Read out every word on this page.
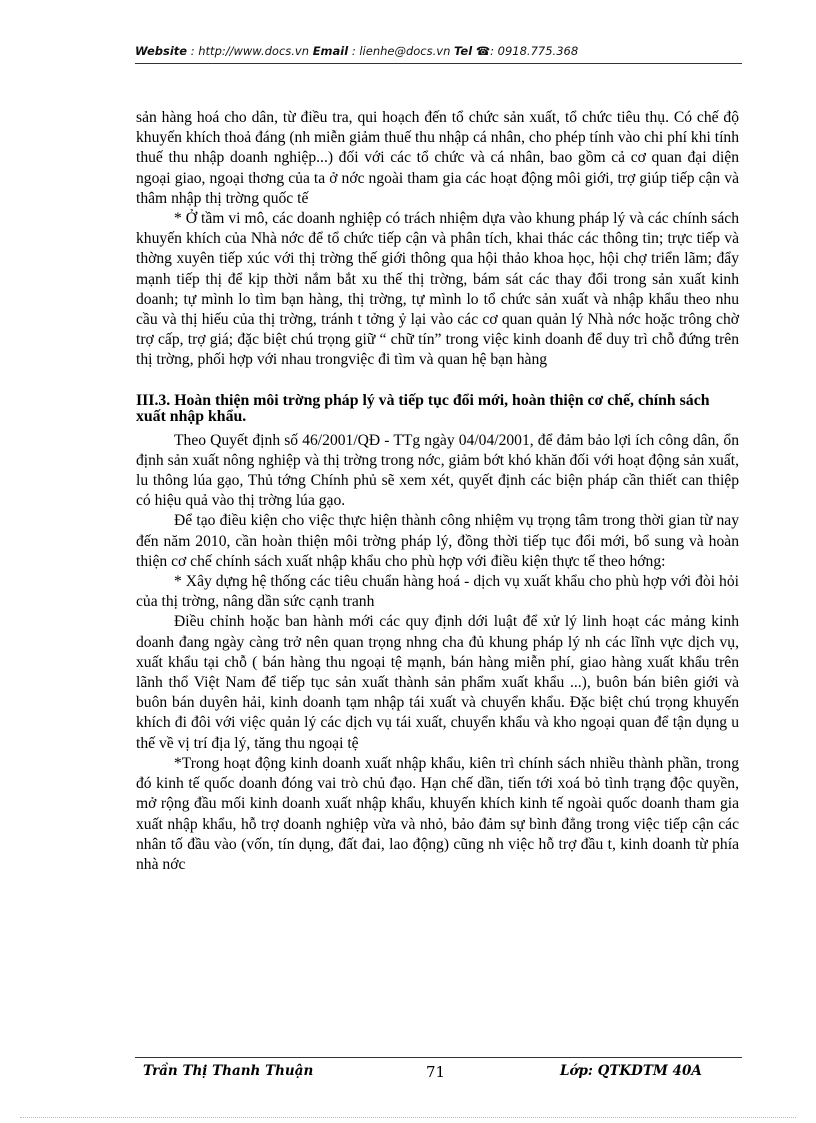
Website : http://www.docs.vn Email : lienhe@docs.vn Tel ☎: 0918.775.368

sản hàng hoá cho dân, từ điều tra, qui hoạch đến tổ chức sản xuất, tổ chức tiêu thụ. Có chế độ khuyến khích thoả đáng (nh miễn giảm thuế thu nhập cá nhân, cho phép tính vào chi phí khi tính thuế thu nhập doanh nghiệp...) đối với các tổ chức và cá nhân, bao gồm cả cơ quan đại diện ngoại giao, ngoại thơng của ta ở nớc ngoài tham gia các hoạt động môi giới, trợ giúp tiếp cận và thâm nhập thị trờng quốc tế

* Ở tầm vi mô, các doanh nghiệp có trách nhiệm dựa vào khung pháp lý và các chính sách khuyến khích của Nhà nớc để tổ chức tiếp cận và phân tích, khai thác các thông tin; trực tiếp và thờng xuyên tiếp xúc với thị trờng thế giới thông qua hội thảo khoa học, hội chợ triển lãm; đẩy mạnh tiếp thị để kịp thời nắm bắt xu thế thị trờng, bám sát các thay đổi trong sản xuất kinh doanh; tự mình lo tìm bạn hàng, thị trờng, tự mình lo tổ chức sản xuất và nhập khẩu theo nhu cầu và thị hiếu của thị trờng, tránh t tởng ỷ lại vào các cơ quan quản lý Nhà nớc hoặc trông chờ trợ cấp, trợ giá; đặc biệt chú trọng giữ “ chữ tín” trong việc kinh doanh để duy trì chỗ đứng trên thị trờng, phối hợp với nhau trongviệc đi tìm và quan hệ bạn hàng

III.3. Hoàn thiện môi trờng pháp lý và tiếp tục đổi mới, hoàn thiện cơ chế, chính sách xuất nhập khẩu.

Theo Quyết định số 46/2001/QĐ - TTg ngày 04/04/2001, để đảm bảo lợi ích công dân, ổn định sản xuất nông nghiệp và thị trờng trong nớc, giảm bớt khó khăn đối với hoạt động sản xuất, lu thông lúa gạo, Thủ tớng Chính phủ sẽ xem xét, quyết định các biện pháp cần thiết can thiệp có hiệu quả vào thị trờng lúa gạo.

Để tạo điều kiện cho việc thực hiện thành công nhiệm vụ trọng tâm trong thời gian từ nay đến năm 2010, cần hoàn thiện môi trờng pháp lý, đồng thời tiếp tục đổi mới, bổ sung và hoàn thiện cơ chế chính sách xuất nhập khẩu cho phù hợp với điều kiện thực tế theo hớng:

* Xây dựng hệ thống các tiêu chuẩn hàng hoá - dịch vụ xuất khẩu cho phù hợp với đòi hỏi của thị trờng, nâng dần sức cạnh tranh

Điều chỉnh hoặc ban hành mới các quy định dới luật để xử lý linh hoạt các mảng kinh doanh đang ngày càng trở nên quan trọng nhng cha đủ khung pháp lý nh các lĩnh vực dịch vụ, xuất khẩu tại chỗ ( bán hàng thu ngoại tệ mạnh, bán hàng miễn phí, giao hàng xuất khẩu trên lãnh thổ Việt Nam để tiếp tục sản xuất thành sản phẩm xuất khẩu ...), buôn bán biên giới và buôn bán duyên hải, kinh doanh tạm nhập tái xuất và chuyển khẩu. Đặc biệt chú trọng khuyến khích đi đôi với việc quản lý các dịch vụ tái xuất, chuyển khẩu và kho ngoại quan để tận dụng u thế về vị trí địa lý, tăng thu ngoại tệ

*Trong hoạt động kinh doanh xuất nhập khẩu, kiên trì chính sách nhiều thành phần, trong đó kinh tế quốc doanh đóng vai trò chủ đạo. Hạn chế dần, tiến tới xoá bỏ tình trạng độc quyền, mở rộng đầu mối kinh doanh xuất nhập khẩu, khuyến khích kinh tế ngoài quốc doanh tham gia xuất nhập khẩu, hỗ trợ doanh nghiệp vừa và nhỏ, bảo đảm sự bình đẳng trong việc tiếp cận các nhân tố đầu vào (vốn, tín dụng, đất đai, lao động) cũng nh việc hỗ trợ đầu t, kinh doanh từ phía nhà nớc

Trần Thị Thanh Thuận	71	Lớp: QTKDTM 40A
